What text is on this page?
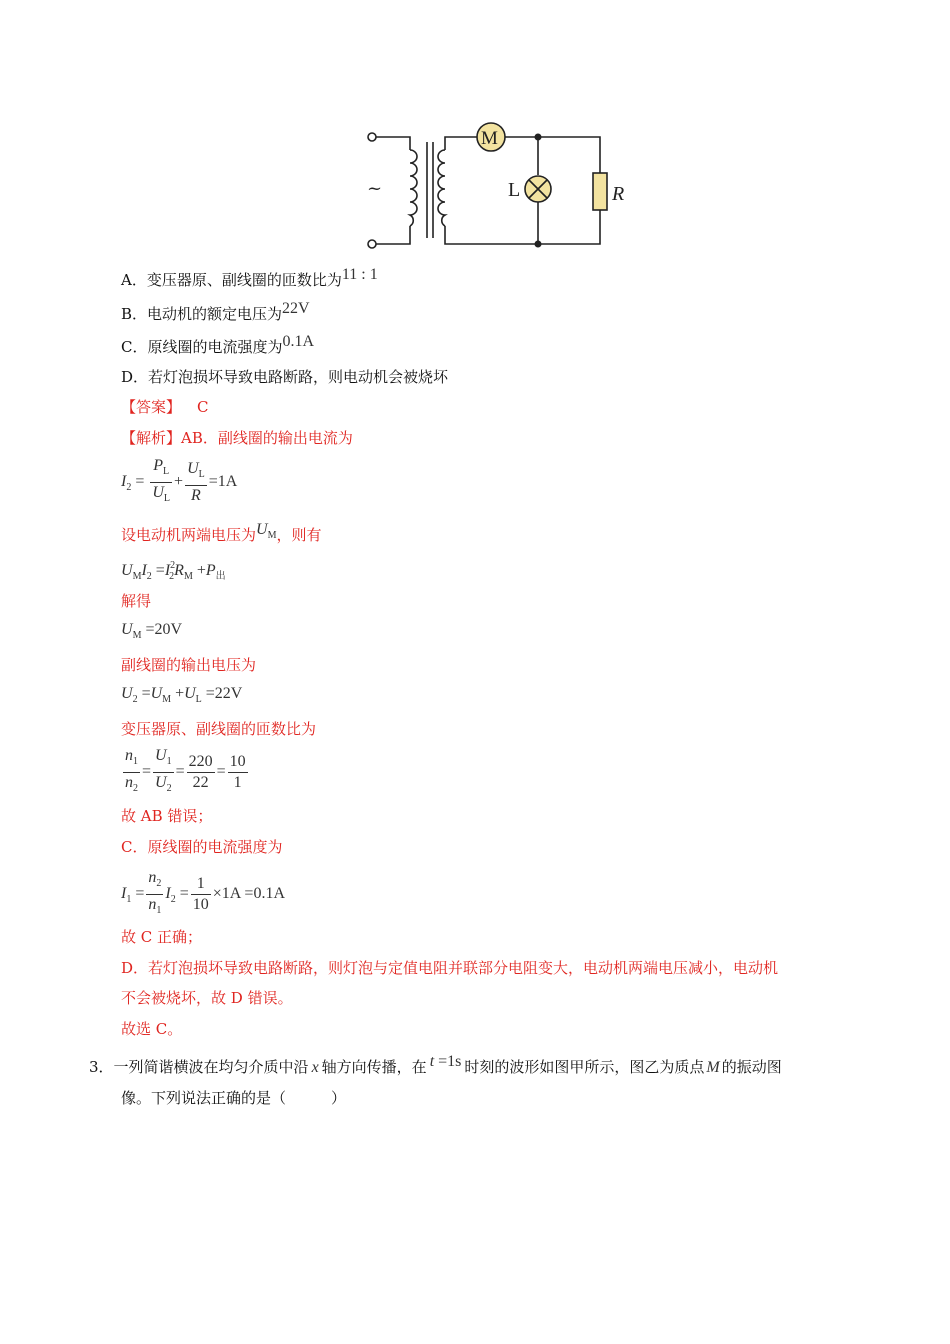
~
M
L	R
A．变压器原、副线圈的匝数比为11 : 1
B．电动机的额定电压为22V
C．原线圈的电流强度为0.1A
D．若灯泡损坏导致电路断路，则电动机会被烧坏
【答案】 C
【解析】AB．副线圈的输出电流为
$I_2 = \frac{P_L}{U_L} + \frac{U_L}{R} =1A$
设电动机两端电压为$U_M$，则有
$U_MI_2 =I^2_2R_M +P_出$
解得
$U_M =20V$
副线圈的输出电压为
$U_2 =U_M +U_L =22V$
变压器原、副线圈的匝数比为
$\frac{n_1}{n_2} = \frac{U_1}{U_2} = \frac{220}{22} = \frac{10}{1}$
故 AB 错误；
C．原线圈的电流强度为
$I_1 = \frac{n_2}{n_1} I_2 = \frac{1}{10} \times 1A =0.1A$
故 C 正确；
D．若灯泡损坏导致电路断路，则灯泡与定值电阻并联部分电阻变大，电动机两端电压减小，电动机
不会被烧坏，故 D 错误。
故选 C。
3．一列简谐横波在均匀介质中沿 x 轴方向传播，在 t =1s 时刻的波形如图甲所示，图乙为质点 M 的振动图
像。下列说法正确的是（　　　）
